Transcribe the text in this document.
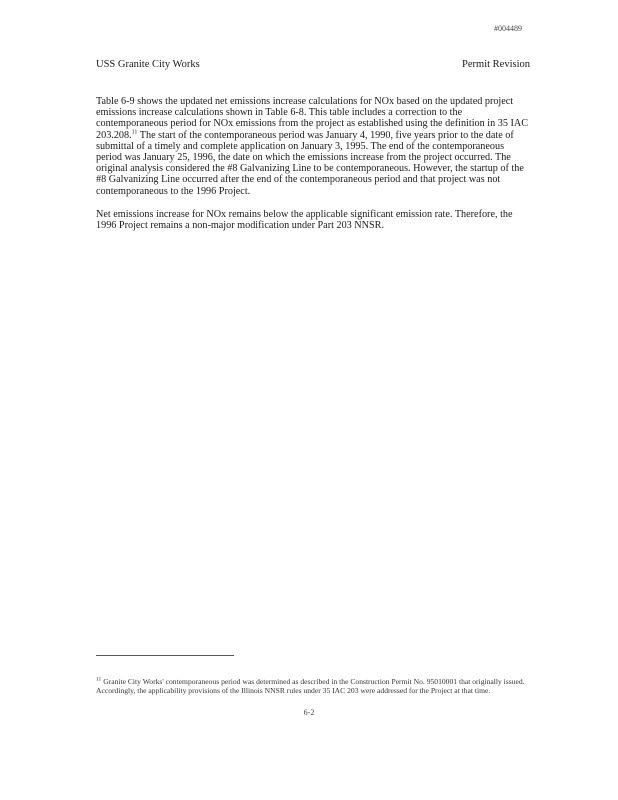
#004489
USS Granite City Works	Permit Revision

Table 6-9 shows the updated net emissions increase calculations for NOx based on the updated project emissions increase calculations shown in Table 6-8. This table includes a correction to the contemporaneous period for NOx emissions from the project as established using the definition in 35 IAC 203.208.11 The start of the contemporaneous period was January 4, 1990, five years prior to the date of submittal of a timely and complete application on January 3, 1995. The end of the contemporaneous period was January 25, 1996, the date on which the emissions increase from the project occurred. The original analysis considered the #8 Galvanizing Line to be contemporaneous. However, the startup of the #8 Galvanizing Line occurred after the end of the contemporaneous period and that project was not contemporaneous to the 1996 Project.

Net emissions increase for NOx remains below the applicable significant emission rate. Therefore, the 1996 Project remains a non-major modification under Part 203 NNSR.

$^{11}$ Granite City Works' contemporaneous period was determined as described in the Construction Permit No. 95010001 that originally issued. Accordingly, the applicability provisions of the Illinois NNSR rules under 35 IAC 203 were addressed for the Project at that time.
6-2
